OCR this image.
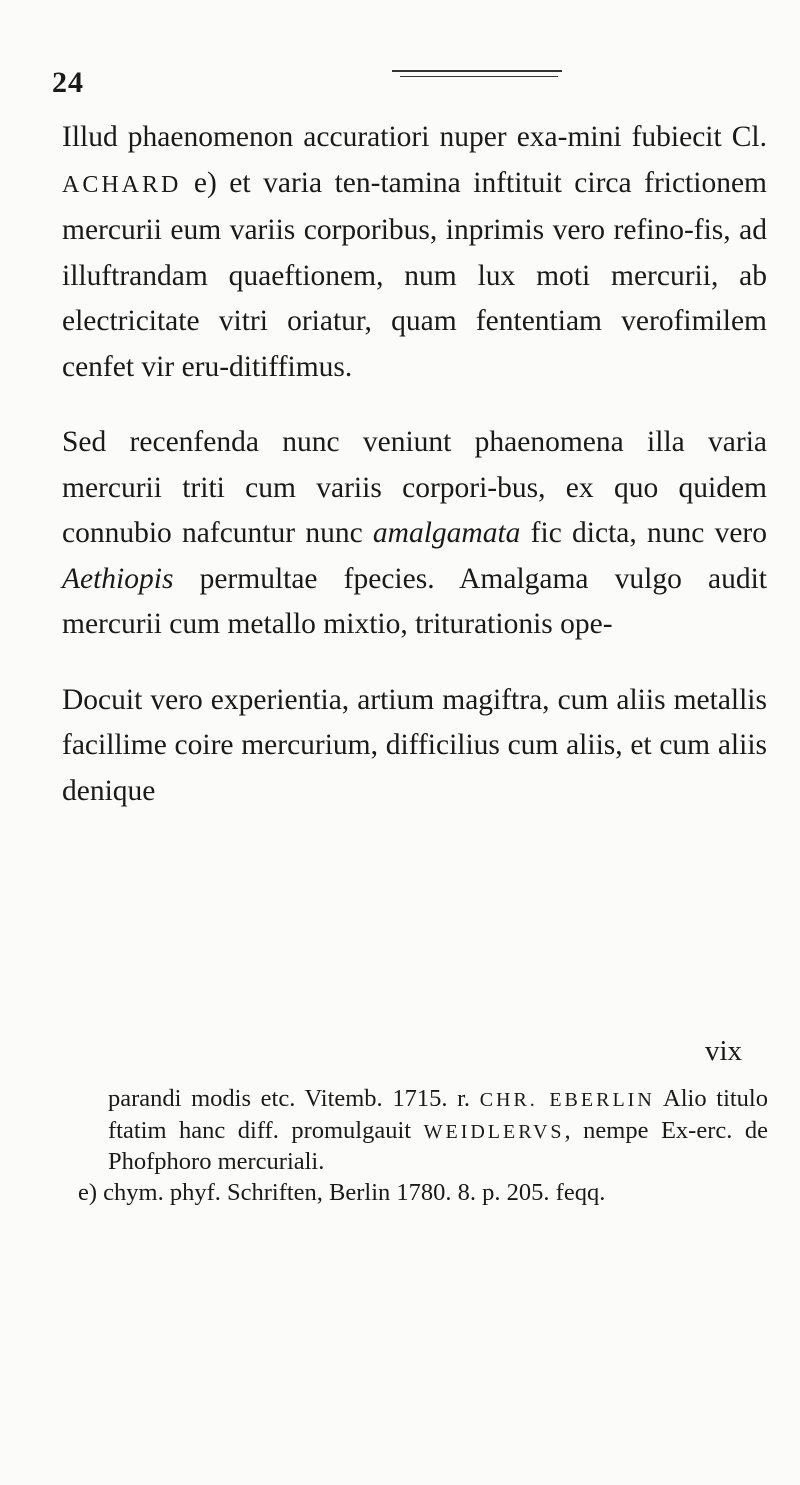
24

Illud phaenomenon accuratiori nuper exa-mini fubiecit Cl. ACHARD e) et varia ten-tamina inftituit circa frictionem mercurii eum variis corporibus, inprimis vero refino-fis, ad illuftrandam quaeftionem, num lux moti mercurii, ab electricitate vitri oriatur, quam fententiam verofimilem cenfet vir eru-ditiffimus.

Sed recenfenda nunc veniunt phaenomena illa varia mercurii triti cum variis corpori-bus, ex quo quidem connubio nafcuntur nunc amalgamata fic dicta, nunc vero Aethiopis permultae fpecies. Amalgama vulgo audit mercurii cum metallo mixtio, triturationis ope-

Docuit vero experientia, artium magiftra, cum aliis metallis facillime coire mercurium, difficilius cum aliis, et cum aliis denique

vix

parandi modis etc. Vitemb. 1715. r. CHR. EBERLIN Alio titulo ftatim hanc diff. promulgauit WEIDLERVS, nempe Ex-erc. de Phofphoro mercuriali.

e) chym. phyf. Schriften, Berlin 1780. 8. p. 205. feqq.
